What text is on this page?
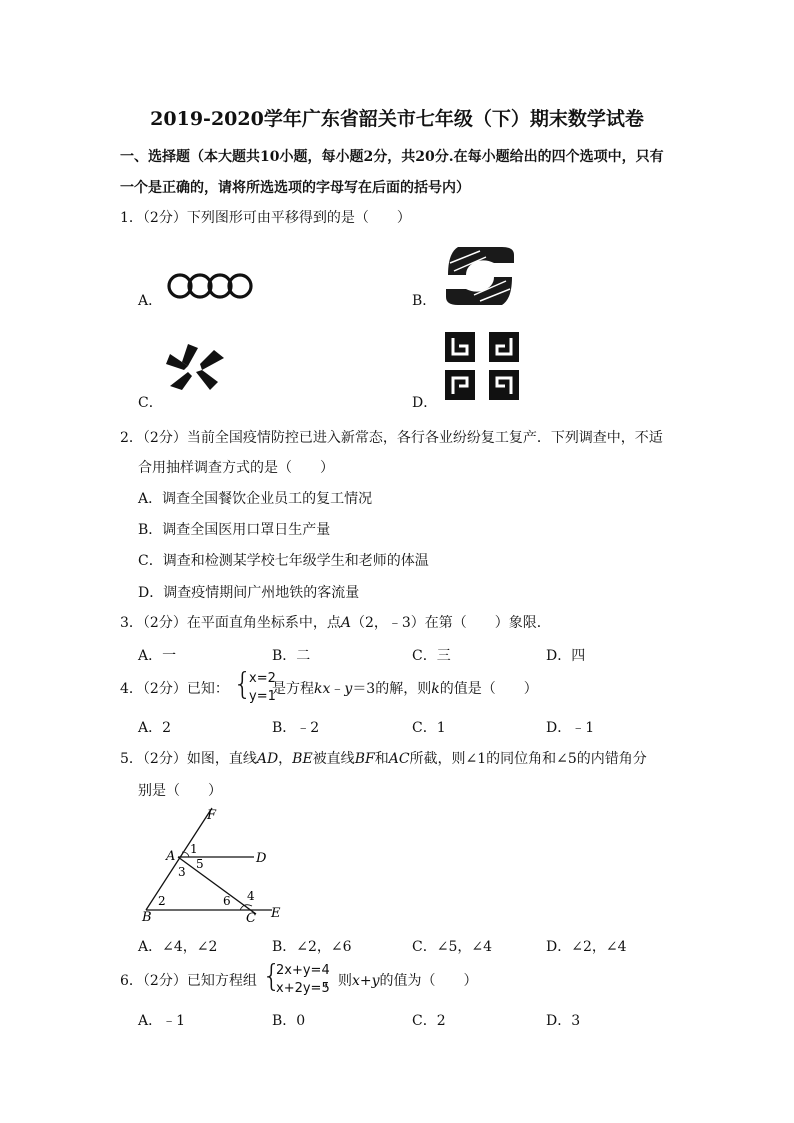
2019-2020学年广东省韶关市七年级（下）期末数学试卷
一、选择题（本大题共10小题，每小题2分，共20分.在每小题给出的四个选项中，只有
一个是正确的，请将所选选项的字母写在后面的括号内）
1．（2分）下列图形可由平移得到的是（　　）
A．	B．
C．	D．
2．（2分）当前全国疫情防控已进入新常态，各行各业纷纷复工复产．下列调查中，不适
合用抽样调查方式的是（　　）
A．调查全国餐饮企业员工的复工情况
B．调查全国医用口罩日生产量
C．调查和检测某学校七年级学生和老师的体温
D．调查疫情期间广州地铁的客流量
3．（2分）在平面直角坐标系中，点A（2，﹣3）在第（　　）象限．
A．一	B．二	C．三	D．四
4．（2分）已知： {
x=2
y=1
是方程kx﹣y＝3的解，则k的值是（　　）
A．2	B．﹣2	C．1	D．﹣1
5．（2分）如图，直线AD，BE被直线BF和AC所截，则∠1的同位角和∠5的内错角分
别是（　　）
F
A	D
B	C E
1
2
3
4
5
6
A．∠4，∠2	B．∠2，∠6	C．∠5，∠4	D．∠2，∠4
6．（2分）已知方程组 {
2x+y=4
x+2y=5
，则x+y的值为（　　）
A．﹣1	B．0	C．2	D．3
